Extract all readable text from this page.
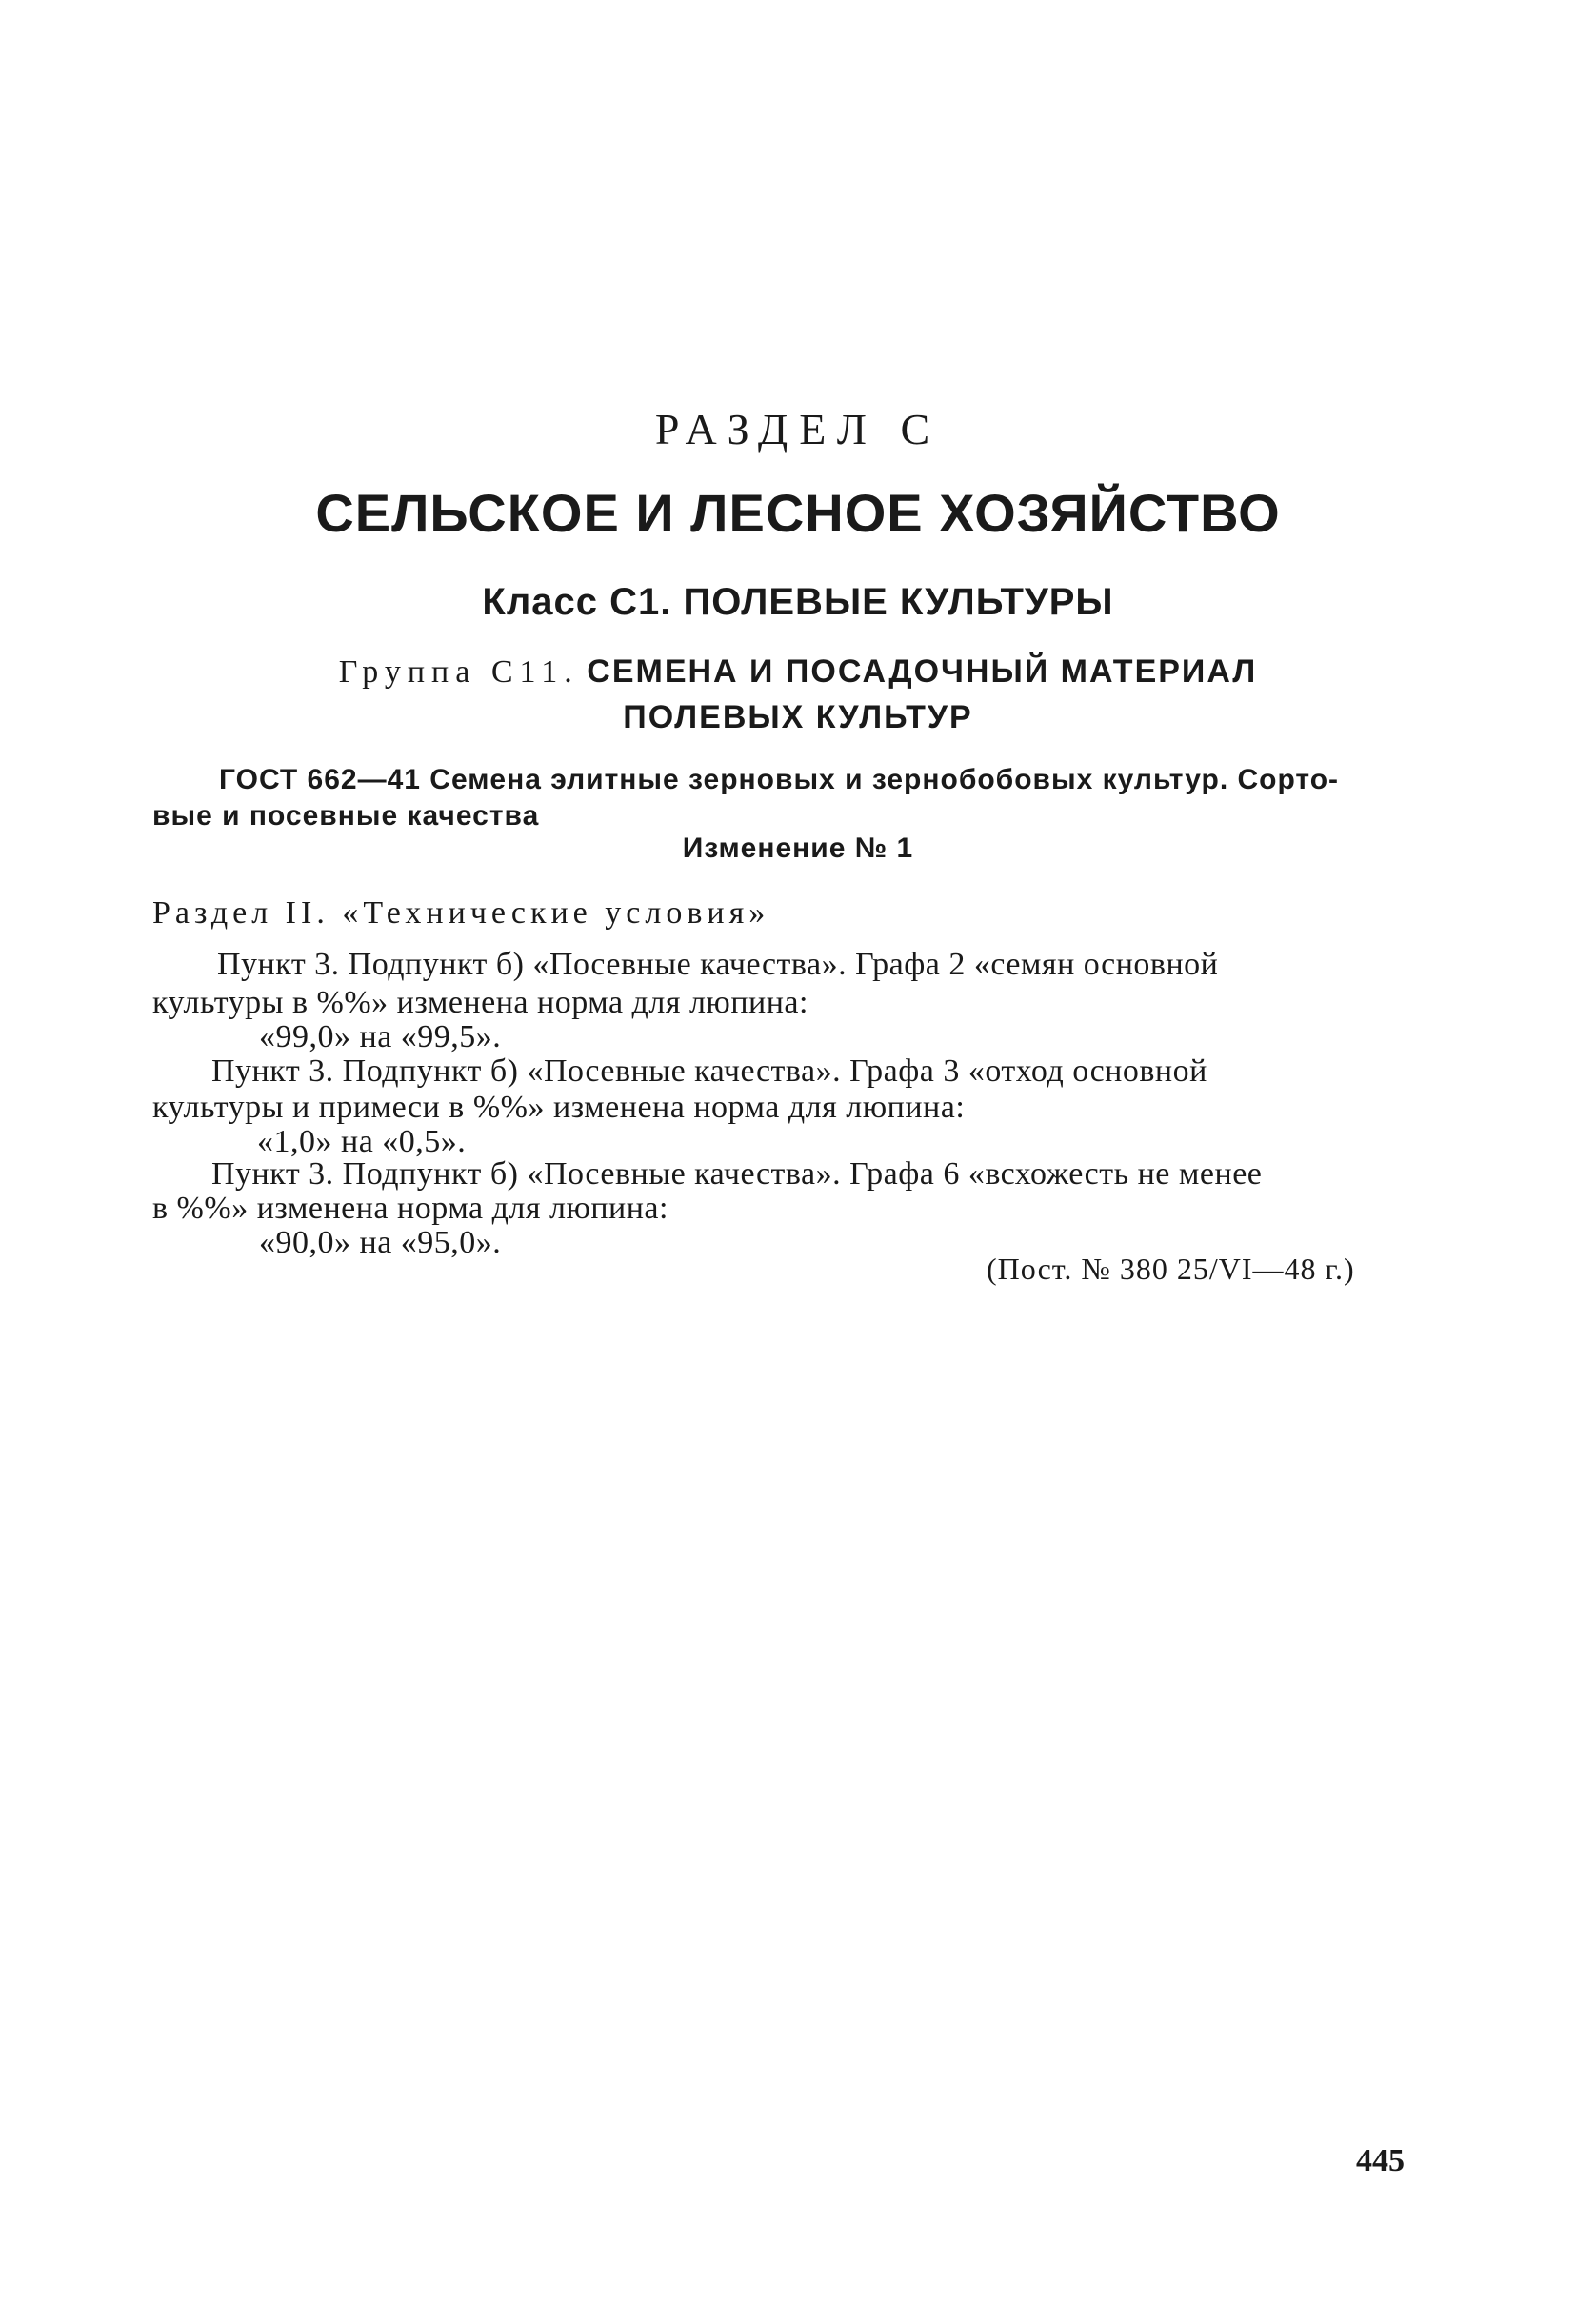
РАЗДЕЛ С
СЕЛЬСКОЕ И ЛЕСНОЕ ХОЗЯЙСТВО
Класс С1. ПОЛЕВЫЕ КУЛЬТУРЫ
Группа С11. СЕМЕНА И ПОСАДОЧНЫЙ МАТЕРИАЛ
ПОЛЕВЫХ КУЛЬТУР
ГОСТ 662—41 Семена элитные зерновых и зернобобовых культур. Сорто-
вые и посевные качества
Изменение № 1
Раздел II. «Технические условия»
Пункт 3. Подпункт б) «Посевные качества». Графа 2 «семян основной
культуры в %%» изменена норма для люпина:
«99,0» на «99,5».
Пункт 3. Подпункт б) «Посевные качества». Графа 3 «отход основной
культуры и примеси в %%» изменена норма для люпина:
«1,0» на «0,5».
Пункт 3. Подпункт б) «Посевные качества». Графа 6 «всхожесть не менее
в %%» изменена норма для люпина:
«90,0» на «95,0».
(Пост. № 380 25/VI—48 г.)
445
